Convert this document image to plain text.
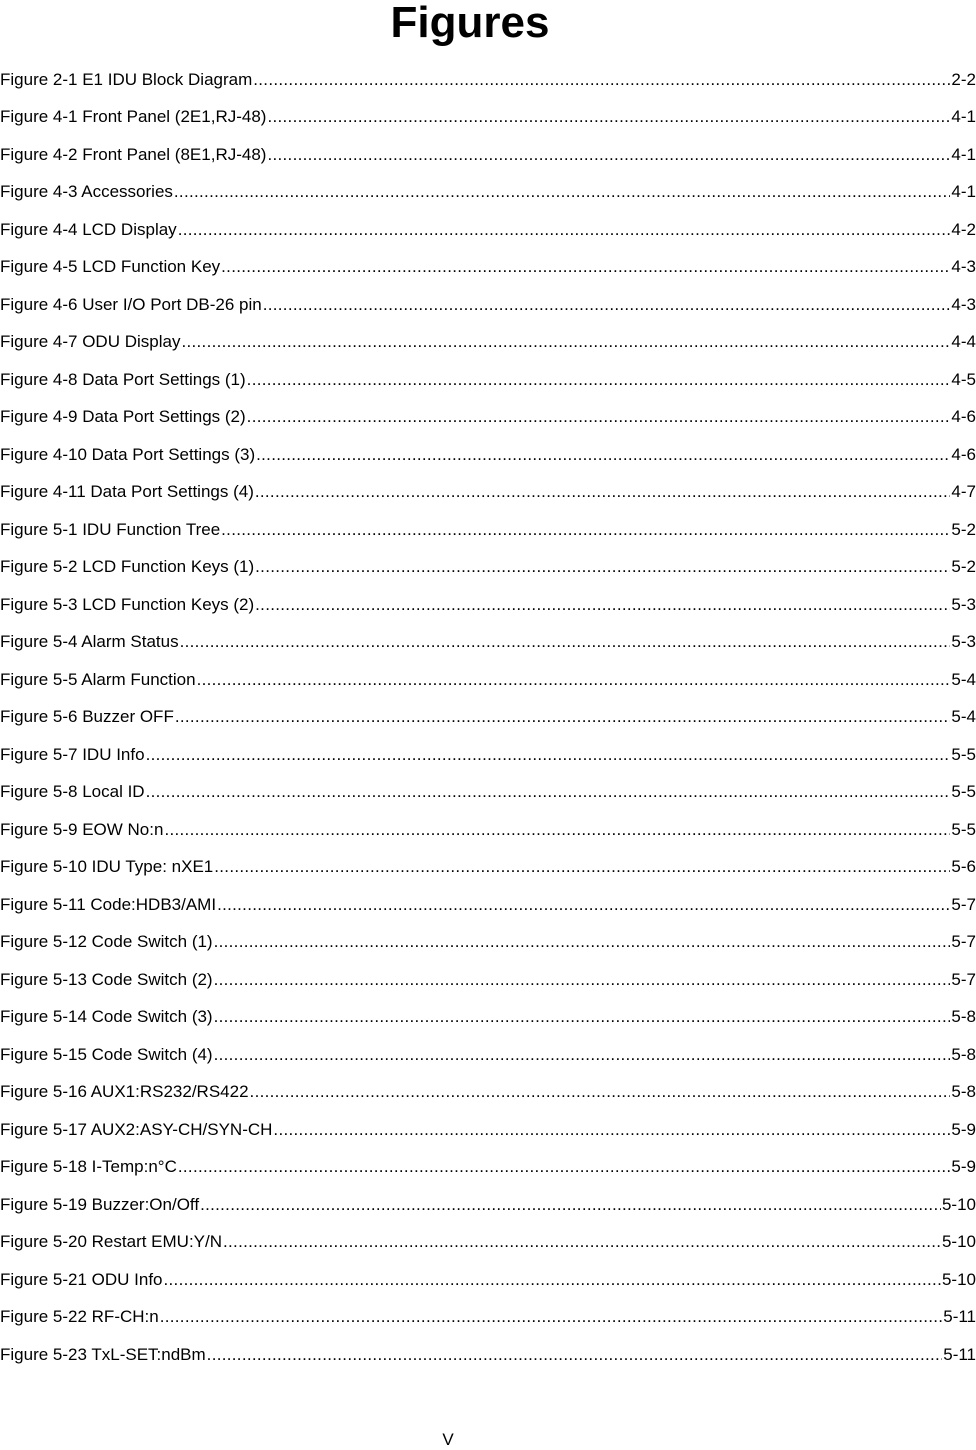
Figures
Figure 2-1 E1 IDU Block Diagram .....	2-2
Figure 4-1 Front Panel (2E1,RJ-48) .....	4-1
Figure 4-2 Front Panel (8E1,RJ-48) .....	4-1
Figure 4-3 Accessories .....	4-1
Figure 4-4 LCD Display .....	4-2
Figure 4-5 LCD Function Key .....	4-3
Figure 4-6 User I/O Port DB-26 pin .....	4-3
Figure 4-7 ODU Display .....	4-4
Figure 4-8 Data Port Settings (1) .....	4-5
Figure 4-9 Data Port Settings (2) .....	4-6
Figure 4-10 Data Port Settings (3) .....	4-6
Figure 4-11 Data Port Settings (4) .....	4-7
Figure 5-1 IDU Function Tree .....	5-2
Figure 5-2 LCD Function Keys (1) .....	5-2
Figure 5-3 LCD Function Keys (2) .....	5-3
Figure 5-4 Alarm Status .....	5-3
Figure 5-5 Alarm Function .....	5-4
Figure 5-6 Buzzer OFF .....	5-4
Figure 5-7 IDU Info .....	5-5
Figure 5-8 Local ID .....	5-5
Figure 5-9 EOW No:n .....	5-5
Figure 5-10 IDU Type: nXE1 .....	5-6
Figure 5-11 Code:HDB3/AMI .....	5-7
Figure 5-12 Code Switch (1) .....	5-7
Figure 5-13 Code Switch (2) .....	5-7
Figure 5-14 Code Switch (3) .....	5-8
Figure 5-15 Code Switch (4) .....	5-8
Figure 5-16 AUX1:RS232/RS422 .....	5-8
Figure 5-17 AUX2:ASY-CH/SYN-CH .....	5-9
Figure 5-18 I-Temp:n°C .....	5-9
Figure 5-19 Buzzer:On/Off .....	5-10
Figure 5-20 Restart EMU:Y/N .....	5-10
Figure 5-21 ODU Info .....	5-10
Figure 5-22 RF-CH:n .....	5-11
Figure 5-23 TxL-SET:ndBm .....	5-11
V
